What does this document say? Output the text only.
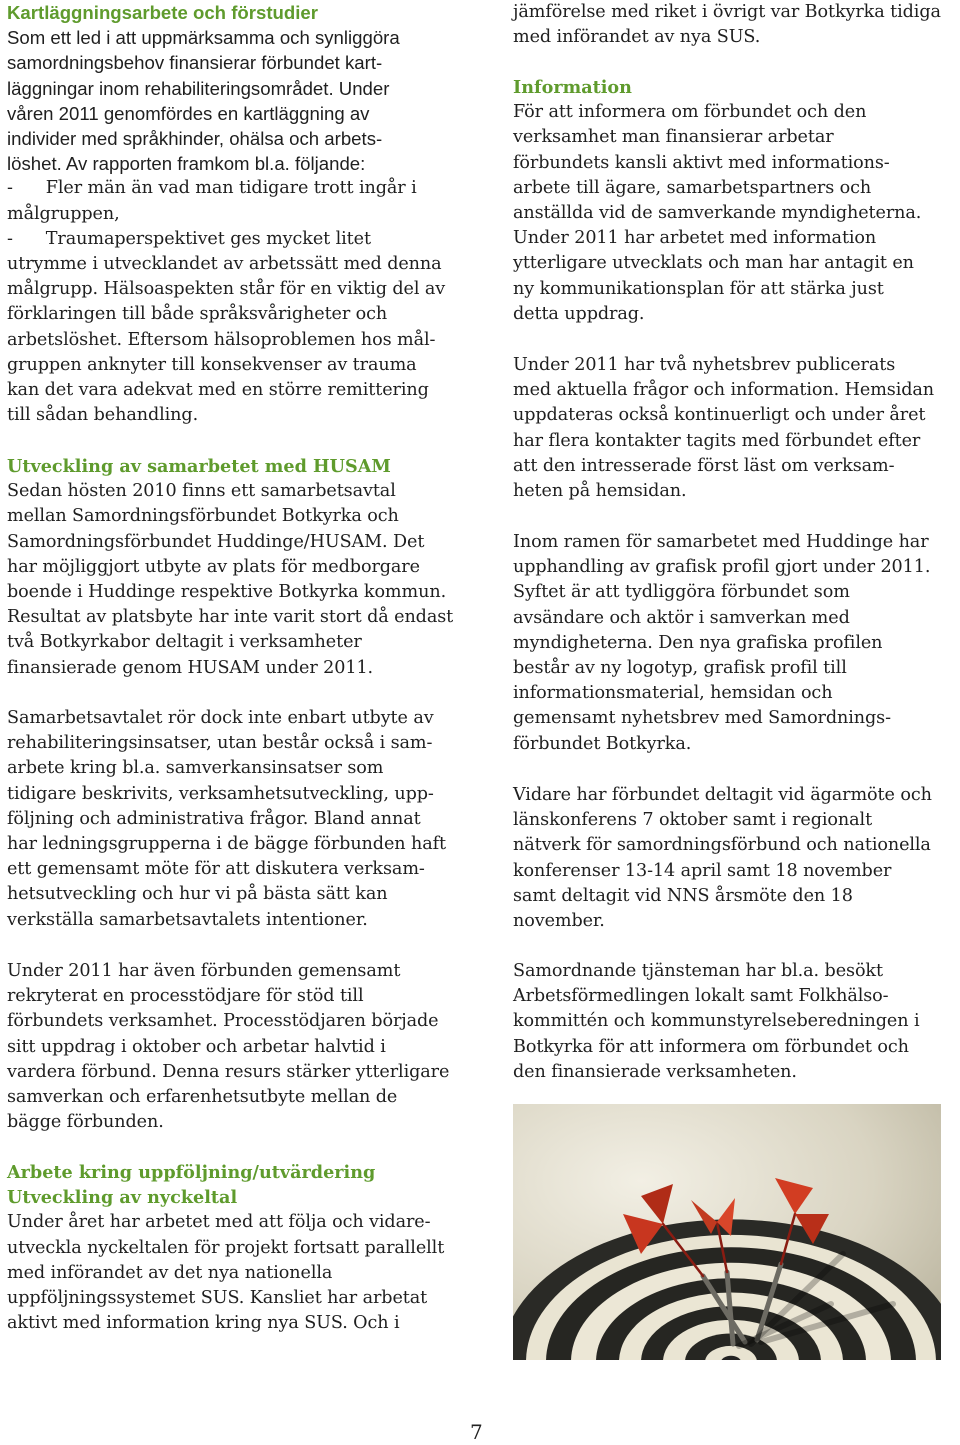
Kartläggningsarbete och förstudier

Som ett led i att uppmärksamma och synliggöra
samordningsbehov finansierar förbundet kart-
läggningar inom rehabiliteringsområdet. Under
våren 2011 genomfördes en kartläggning av
individer med språkhinder, ohälsa och arbets-
löshet. Av rapporten framkom bl.a. följande:

-      Fler män än vad man tidigare trott ingår i
målgruppen,
-      Traumaperspektivet ges mycket litet
utrymme i utvecklandet av arbetssätt med denna
målgrupp. Hälsoaspekten står för en viktig del av
förklaringen till både språksvårigheter och
arbetslöshet. Eftersom hälsoproblemen hos mål-
gruppen anknyter till konsekvenser av trauma
kan det vara adekvat med en större remittering
till sådan behandling.

Utveckling av samarbetet med HUSAM

Sedan hösten 2010 finns ett samarbetsavtal
mellan Samordningsförbundet Botkyrka och
Samordningsförbundet Huddinge/HUSAM. Det
har möjliggjort utbyte av plats för medborgare
boende i Huddinge respektive Botkyrka kommun.
Resultat av platsbyte har inte varit stort då endast
två Botkyrkabor deltagit i verksamheter
finansierade genom HUSAM under 2011.

Samarbetsavtalet rör dock inte enbart utbyte av
rehabiliteringsinsatser, utan består också i sam-
arbete kring bl.a. samverkansinsatser som
tidigare beskrivits, verksamhetsutveckling, upp-
följning och administrativa frågor. Bland annat
har ledningsgrupperna i de bägge förbunden haft
ett gemensamt möte för att diskutera verksam-
hetsutveckling och hur vi på bästa sätt kan
verkställa samarbetsavtalets intentioner.

Under 2011 har även förbunden gemensamt
rekryterat en processtödjare för stöd till
förbundets verksamhet. Processtödjaren började
sitt uppdrag i oktober och arbetar halvtid i
vardera förbund. Denna resurs stärker ytterligare
samverkan och erfarenhetsutbyte mellan de
bägge förbunden.

Arbete kring uppföljning/utvärdering
Utveckling av nyckeltal

Under året har arbetet med att följa och vidare-
utveckla nyckeltalen för projekt fortsatt parallellt
med införandet av det nya nationella
uppföljningssystemet SUS. Kansliet har arbetat
aktivt med information kring nya SUS. Och i

jämförelse med riket i övrigt var Botkyrka tidiga
med införandet av nya SUS.

Information

För att informera om förbundet och den
verksamhet man finansierar arbetar
förbundets kansli aktivt med informations-
arbete till ägare, samarbetspartners och
anställda vid de samverkande myndigheterna.
Under 2011 har arbetet med information
ytterligare utvecklats och man har antagit en
ny kommunikationsplan för att stärka just
detta uppdrag.

Under 2011 har två nyhetsbrev publicerats
med aktuella frågor och information. Hemsidan
uppdateras också kontinuerligt och under året
har flera kontakter tagits med förbundet efter
att den intresserade först läst om verksam-
heten på hemsidan.

Inom ramen för samarbetet med Huddinge har
upphandling av grafisk profil gjort under 2011.
Syftet är att tydliggöra förbundet som
avsändare och aktör i samverkan med
myndigheterna. Den nya grafiska profilen
består av ny logotyp, grafisk profil till
informationsmaterial, hemsidan och
gemensamt nyhetsbrev med Samordnings-
förbundet Botkyrka.

Vidare har förbundet deltagit vid ägarmöte och
länskonferens 7 oktober samt i regionalt
nätverk för samordningsförbund och nationella
konferenser 13-14 april samt 18 november
samt deltagit vid NNS årsmöte den 18
november.

Samordnande tjänsteman har bl.a. besökt
Arbetsförmedlingen lokalt samt Folkhälso-
kommittén och kommunstyrelseberedningen i
Botkyrka för att informera om förbundet och
den finansierade verksamheten.

7
